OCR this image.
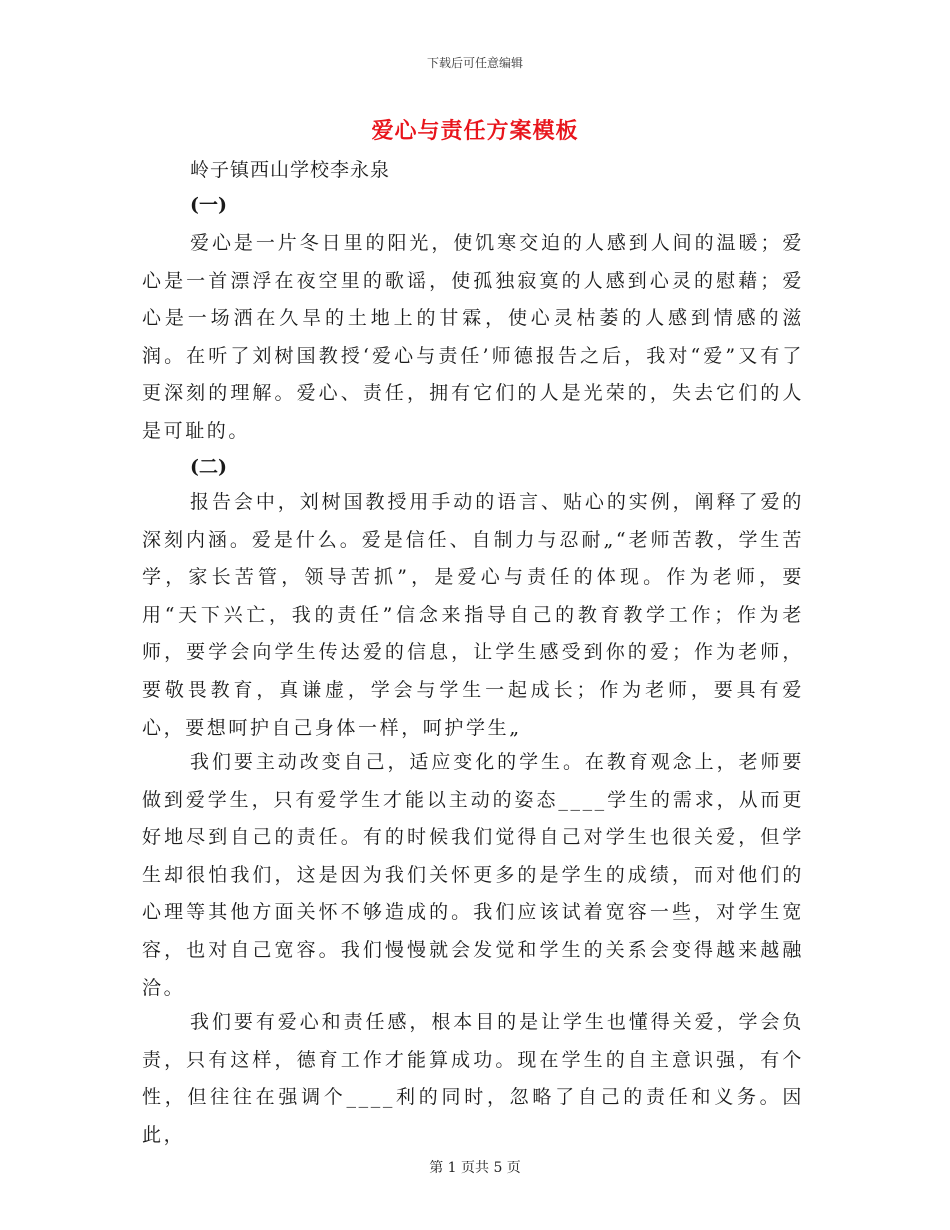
下载后可任意编辑
爱心与责任方案模板
岭子镇西山学校李永泉
(一)

爱心是一片冬日里的阳光，使饥寒交迫的人感到人间的温暖；爱心是一首漂浮在夜空里的歌谣，使孤独寂寞的人感到心灵的慰藉；爱心是一场洒在久旱的土地上的甘霖，使心灵枯萎的人感到情感的滋润。在听了刘树国教授‘爱心与责任’师德报告之后，我对“爱”又有了更深刻的理解。爱心、责任，拥有它们的人是光荣的，失去它们的人是可耻的。

(二)

报告会中，刘树国教授用手动的语言、贴心的实例，阐释了爱的深刻内涵。爱是什么。爱是信任、自制力与忍耐„“老师苦教，学生苦学，家长苦管，领导苦抓”，是爱心与责任的体现。作为老师，要用“天下兴亡，我的责任”信念来指导自己的教育教学工作；作为老师，要学会向学生传达爱的信息，让学生感受到你的爱；作为老师，要敬畏教育，真谦虚，学会与学生一起成长；作为老师，要具有爱心，要想呵护自己身体一样，呵护学生„

我们要主动改变自己，适应变化的学生。在教育观念上，老师要做到爱学生，只有爱学生才能以主动的姿态____学生的需求，从而更好地尽到自己的责任。有的时候我们觉得自己对学生也很关爱，但学生却很怕我们，这是因为我们关怀更多的是学生的成绩，而对他们的心理等其他方面关怀不够造成的。我们应该试着宽容一些，对学生宽容，也对自己宽容。我们慢慢就会发觉和学生的关系会变得越来越融洽。

我们要有爱心和责任感，根本目的是让学生也懂得关爱，学会负责，只有这样，德育工作才能算成功。现在学生的自主意识强，有个性，但往往在强调个____利的同时，忽略了自己的责任和义务。因此，

第 1 页共 5 页
